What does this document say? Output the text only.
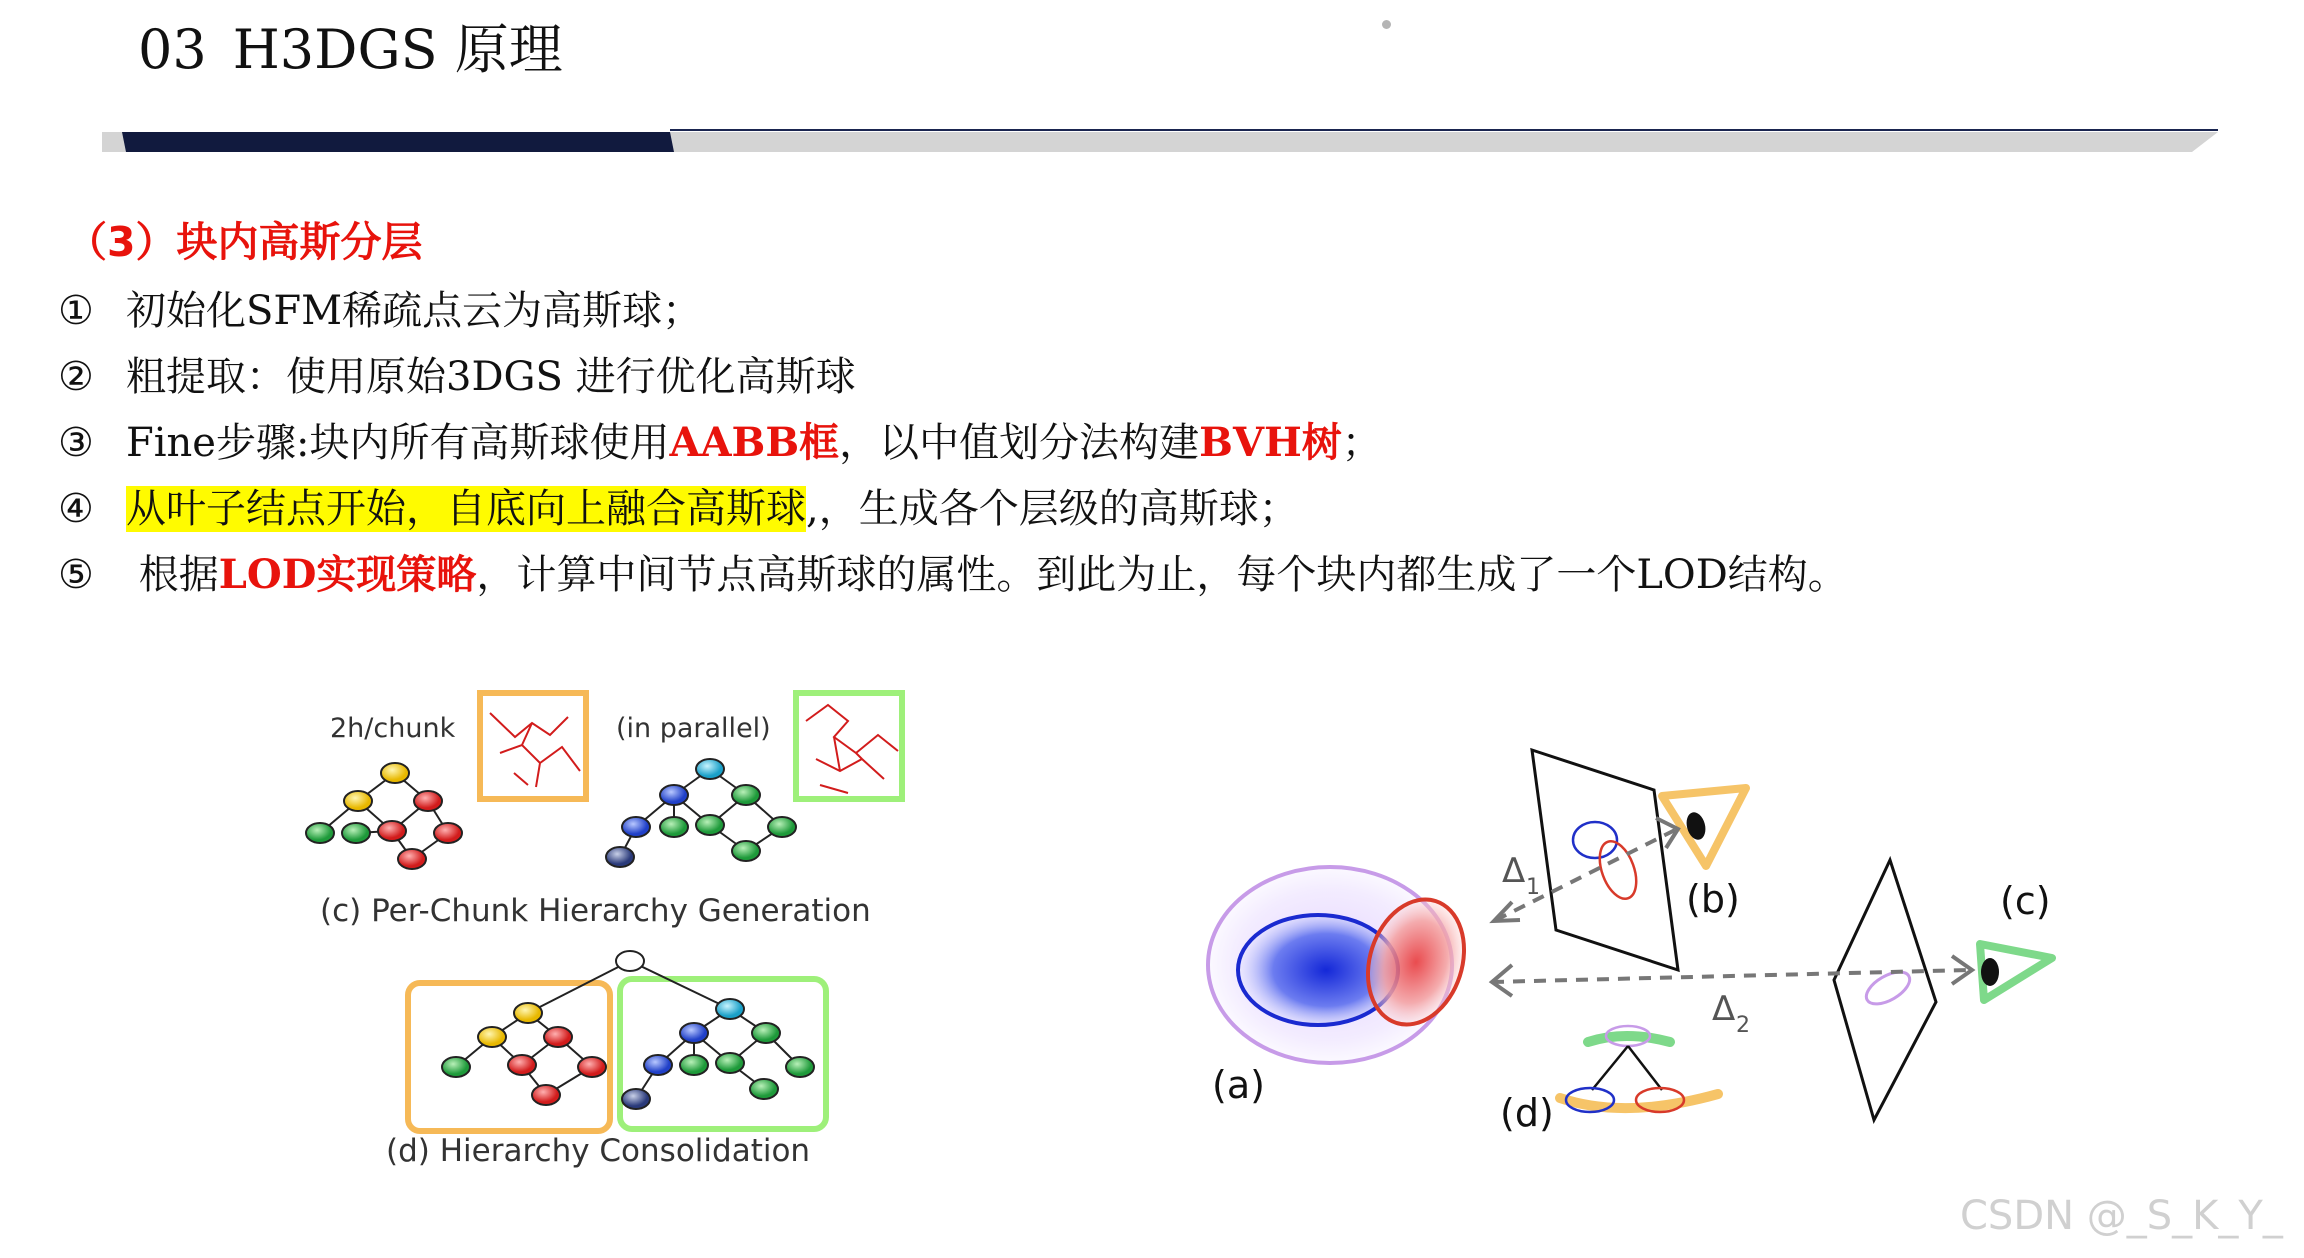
03 H3DGS 原理
（3）块内高斯分层
① 初始化SFM稀疏点云为高斯球；
② 粗提取：使用原始3DGS 进行优化高斯球
③ Fine步骤:块内所有高斯球使用AABB框，以中值划分法构建BVH树；
④ 从叶子结点开始，自底向上融合高斯球,，生成各个层级的高斯球；
⑤ 根据LOD实现策略，计算中间节点高斯球的属性。到此为止，每个块内都生成了一个LOD结构。
2h/chunk	(in parallel)
(c) Per-Chunk Hierarchy Generation
(d) Hierarchy Consolidation
(a)
Δ 1	(b)
Δ 2
(c)
(d)
CSDN @_S_K_Y_
